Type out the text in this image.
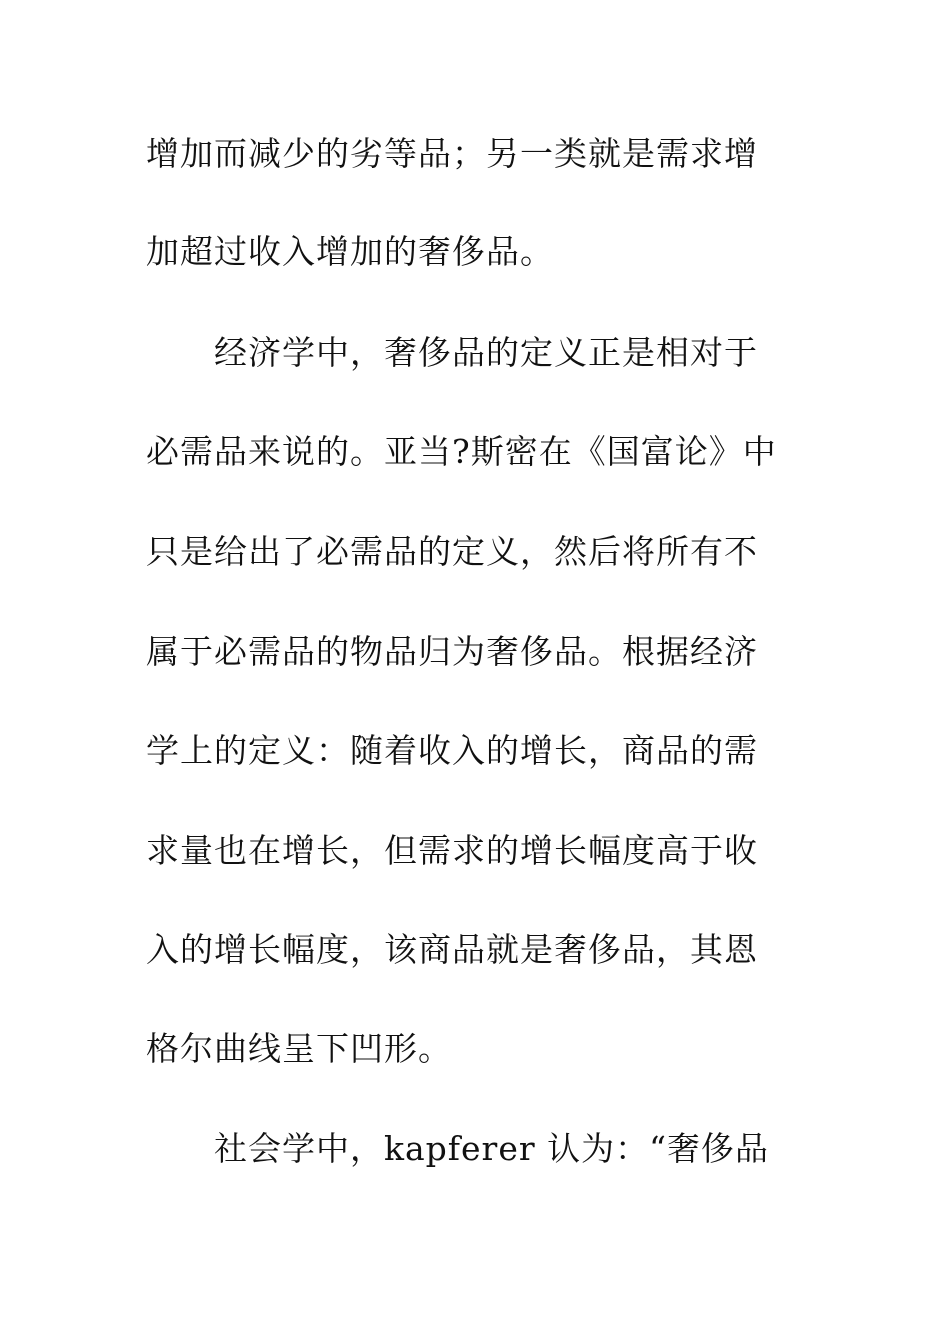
增加而减少的劣等品；另一类就是需求增
加超过收入增加的奢侈品。
经济学中，奢侈品的定义正是相对于
必需品来说的。亚当?斯密在《国富论》中
只是给出了必需品的定义，然后将所有不
属于必需品的物品归为奢侈品。根据经济
学上的定义：随着收入的增长，商品的需
求量也在增长，但需求的增长幅度高于收
入的增长幅度，该商品就是奢侈品，其恩
格尔曲线呈下凹形。
社会学中，kapferer 认为：“奢侈品
